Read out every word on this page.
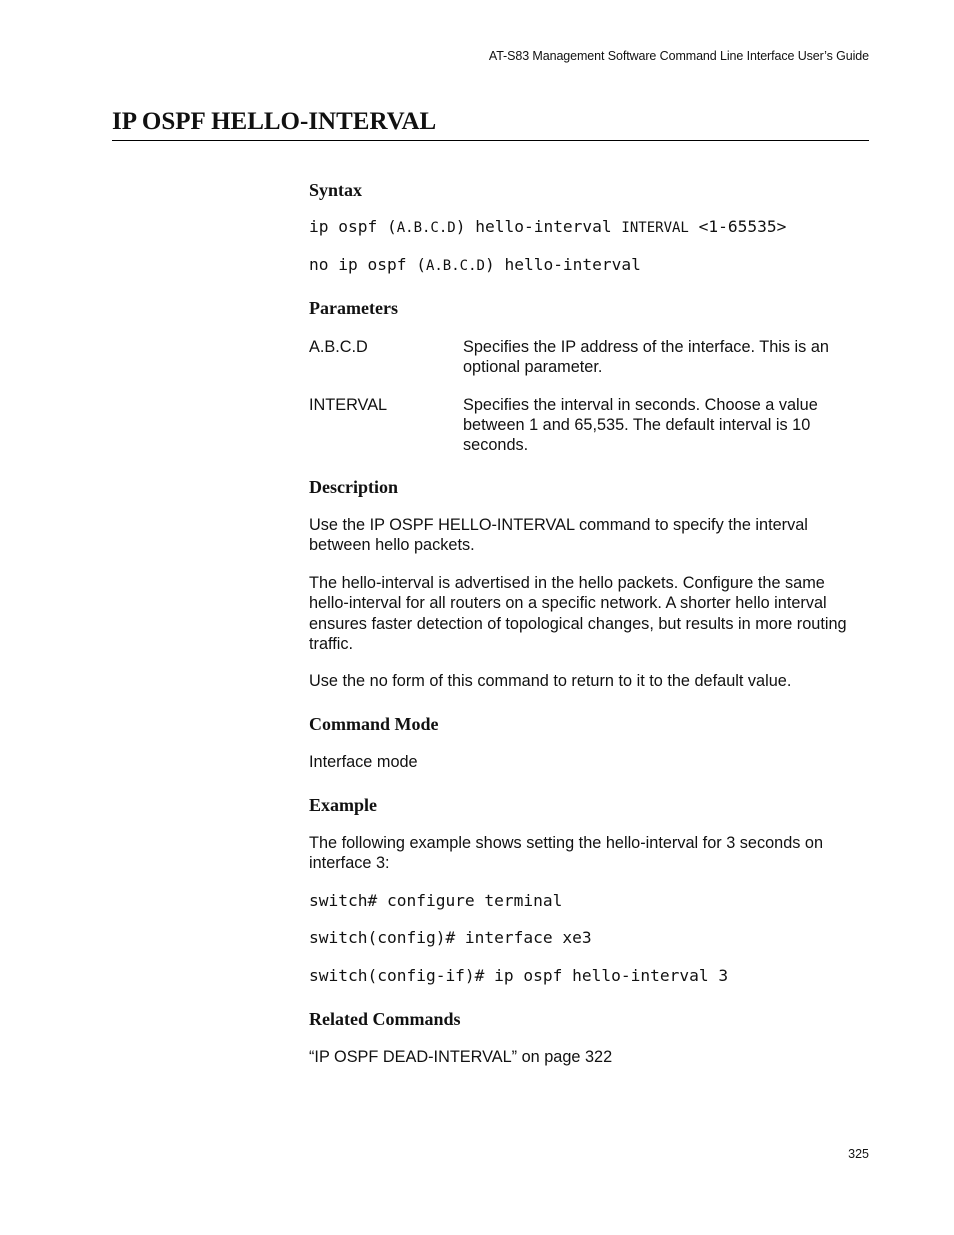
AT-S83 Management Software Command Line Interface User’s Guide
IP OSPF HELLO-INTERVAL
Syntax
ip ospf (A.B.C.D) hello-interval INTERVAL <1-65535>
no ip ospf (A.B.C.D) hello-interval
Parameters
A.B.C.D	Specifies the IP address of the interface. This is an optional parameter.
INTERVAL	Specifies the interval in seconds. Choose a value between 1 and 65,535. The default interval is 10 seconds.
Description

Use the IP OSPF HELLO-INTERVAL command to specify the interval between hello packets.

The hello-interval is advertised in the hello packets. Configure the same hello-interval for all routers on a specific network. A shorter hello interval ensures faster detection of topological changes, but results in more routing traffic.

Use the no form of this command to return to it to the default value.

Command Mode

Interface mode

Example

The following example shows setting the hello-interval for 3 seconds on interface 3:

switch# configure terminal
switch(config)# interface xe3
switch(config-if)# ip ospf hello-interval 3
Related Commands

“IP OSPF DEAD-INTERVAL” on page 322

325
